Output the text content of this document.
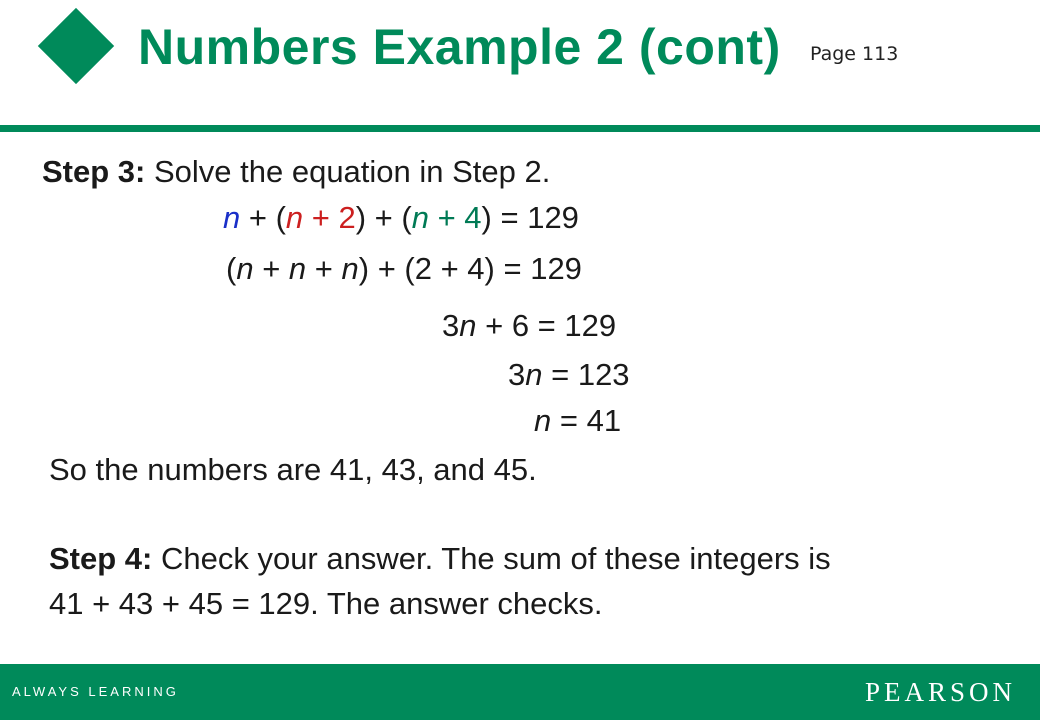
Numbers Example 2 (cont) Page 113
Step 3: Solve the equation in Step 2.
n + (n + 2) + (n + 4) = 129
(n + n + n) + (2 + 4) = 129
3n + 6 = 129
3n = 123
n = 41
So the numbers are 41, 43, and 45.
Step 4: Check your answer. The sum of these integers is
41 + 43 + 45 = 129. The answer checks.
ALWAYS LEARNING	PEARSON
